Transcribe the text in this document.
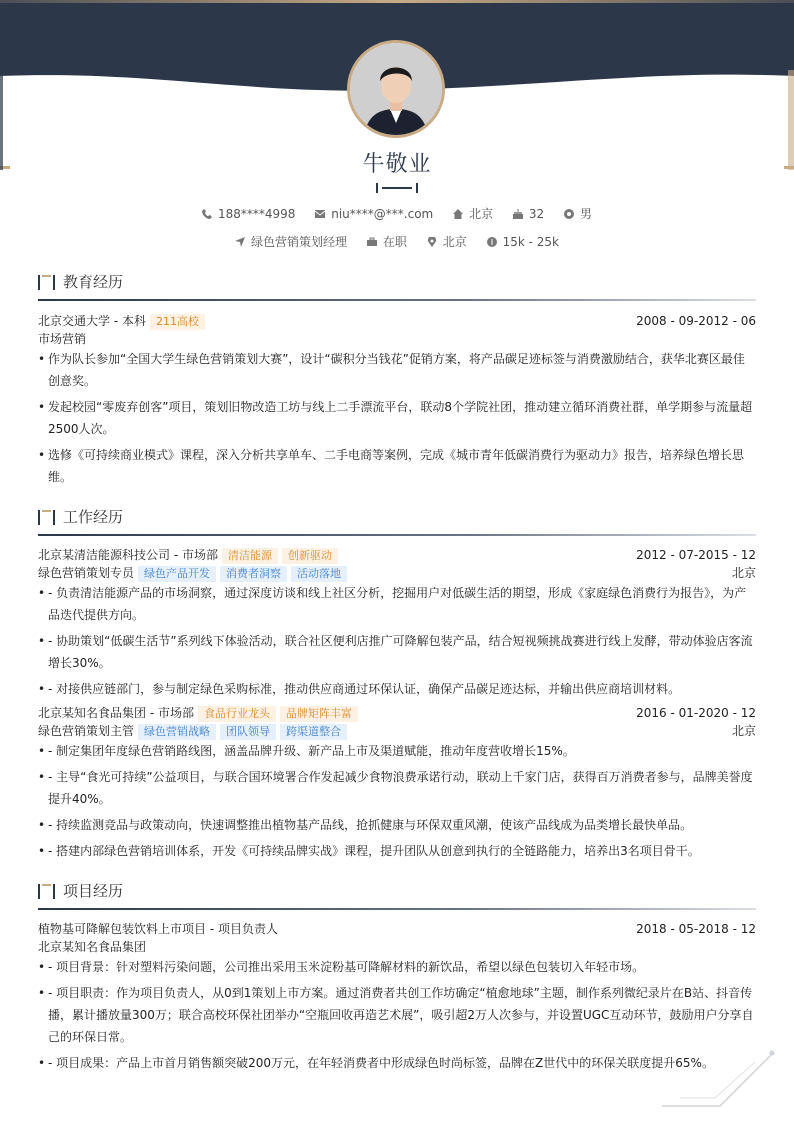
牛敬业
188****4998	niu****@***.com	北京	32	男
绿色营销策划经理	在职	北京	15k - 25k
教育经历
北京交通大学 - 本科 211高校	2008 - 09-2012 - 06
市场营销
• 作为队长参加“全国大学生绿色营销策划大赛”，设计“碳积分当钱花”促销方案，将产品碳足迹标签与消费激励结合，获华北赛区最佳创意奖。
• 发起校园“零废弃创客”项目，策划旧物改造工坊与线上二手漂流平台，联动8个学院社团，推动建立循环消费社群，单学期参与流量超2500人次。
• 选修《可持续商业模式》课程，深入分析共享单车、二手电商等案例，完成《城市青年低碳消费行为驱动力》报告，培养绿色增长思维。
工作经历
北京某清洁能源科技公司 - 市场部 清洁能源 创新驱动	2012 - 07-2015 - 12
绿色营销策划专员 绿色产品开发 消费者洞察 活动落地	北京
• - 负责清洁能源产品的市场洞察，通过深度访谈和线上社区分析，挖掘用户对低碳生活的期望，形成《家庭绿色消费行为报告》，为产品迭代提供方向。
• - 协助策划“低碳生活节”系列线下体验活动，联合社区便利店推广可降解包装产品，结合短视频挑战赛进行线上发酵，带动体验店客流增长30%。
• - 对接供应链部门，参与制定绿色采购标准，推动供应商通过环保认证，确保产品碳足迹达标，并输出供应商培训材料。
北京某知名食品集团 - 市场部 食品行业龙头 品牌矩阵丰富	2016 - 01-2020 - 12
绿色营销策划主管 绿色营销战略 团队领导 跨渠道整合	北京
• - 制定集团年度绿色营销路线图，涵盖品牌升级、新产品上市及渠道赋能，推动年度营收增长15%。
• - 主导“食光可持续”公益项目，与联合国环境署合作发起减少食物浪费承诺行动，联动上千家门店，获得百万消费者参与，品牌美誉度提升40%。
• - 持续监测竞品与政策动向，快速调整推出植物基产品线，抢抓健康与环保双重风潮，使该产品线成为品类增长最快单品。
• - 搭建内部绿色营销培训体系，开发《可持续品牌实战》课程，提升团队从创意到执行的全链路能力，培养出3名项目骨干。
项目经历
植物基可降解包装饮料上市项目 - 项目负责人	2018 - 05-2018 - 12
北京某知名食品集团
• - 项目背景：针对塑料污染问题，公司推出采用玉米淀粉基可降解材料的新饮品，希望以绿色包装切入年轻市场。
• - 项目职责：作为项目负责人，从0到1策划上市方案。通过消费者共创工作坊确定“植愈地球”主题，制作系列微纪录片在B站、抖音传播，累计播放量300万；联合高校环保社团举办“空瓶回收再造艺术展”，吸引超2万人次参与，并设置UGC互动环节，鼓励用户分享自己的环保日常。
• - 项目成果：产品上市首月销售额突破200万元，在年轻消费者中形成绿色时尚标签，品牌在Z世代中的环保关联度提升65%。
